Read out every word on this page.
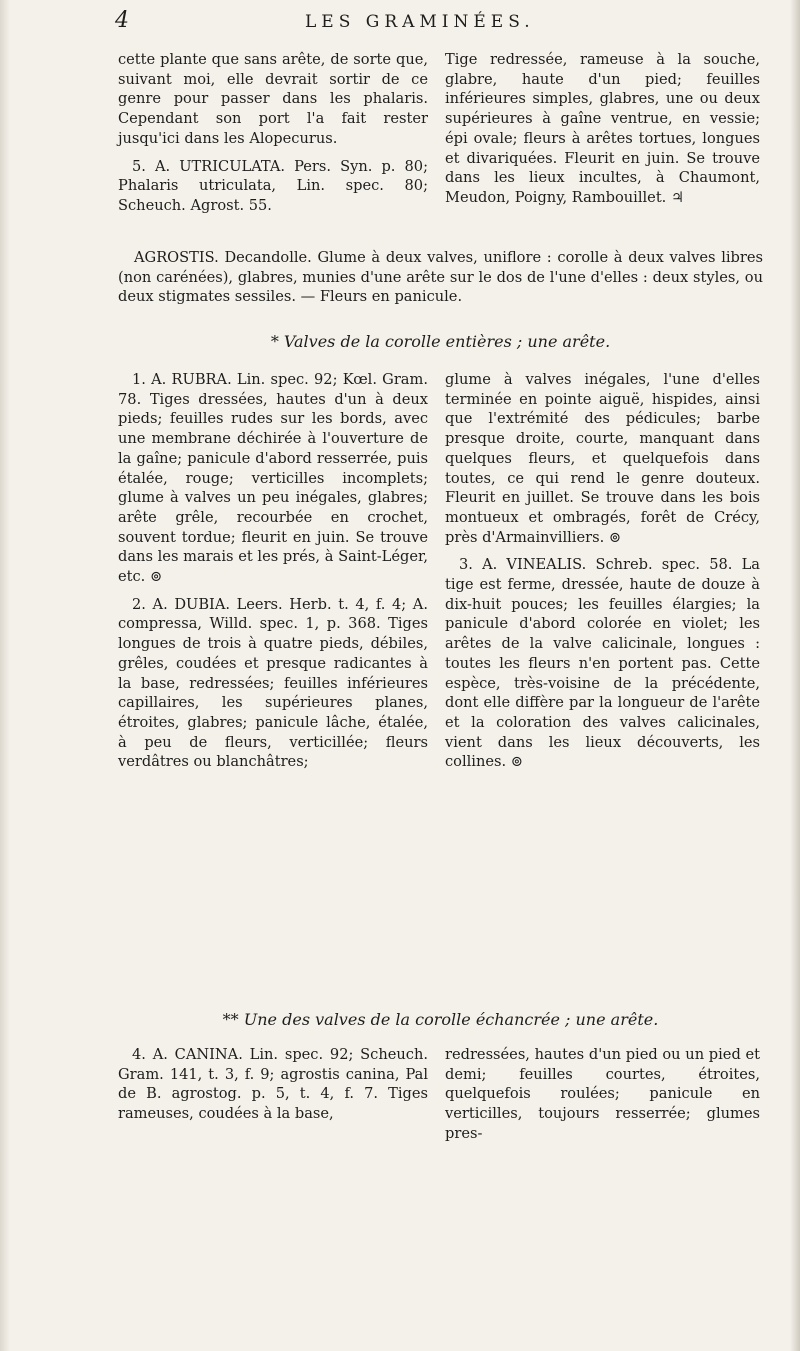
4	LES GRAMINÉES.

cette plante que sans arête, de sorte que, suivant moi, elle devrait sortir de ce genre pour passer dans les phalaris. Cependant son port l'a fait rester jusqu'ici dans les Alopecurus.

5. A. UTRICULATA. Pers. Syn. p. 80; Phalaris utriculata, Lin. spec. 80; Scheuch. Agrost. 55.

Tige redressée, rameuse à la souche, glabre, haute d'un pied; feuilles inférieures simples, glabres, une ou deux supérieures à gaîne ventrue, en vessie; épi ovale; fleurs à arêtes tortues, longues et divariquées. Fleurit en juin. Se trouve dans les lieux incultes, à Chaumont, Meudon, Poigny, Rambouillet. ♃

AGROSTIS. Decandolle. Glume à deux valves, uniflore : corolle à deux valves libres (non carénées), glabres, munies d'une arête sur le dos de l'une d'elles : deux styles, ou deux stigmates sessiles. — Fleurs en panicule.
* Valves de la corolle entières ; une arête.

1. A. RUBRA. Lin. spec. 92; Kœl. Gram. 78. Tiges dressées, hautes d'un à deux pieds; feuilles rudes sur les bords, avec une membrane déchirée à l'ouverture de la gaîne; panicule d'abord resserrée, puis étalée, rouge; verticilles incomplets; glume à valves un peu inégales, glabres; arête grêle, recourbée en crochet, souvent tordue; fleurit en juin. Se trouve dans les marais et les prés, à Saint-Léger, etc. ⊚

2. A. DUBIA. Leers. Herb. t. 4, f. 4; A. compressa, Willd. spec. 1, p. 368. Tiges longues de trois à quatre pieds, débiles, grêles, coudées et presque radicantes à la base, redressées; feuilles inférieures capillaires, les supérieures planes, étroites, glabres; panicule lâche, étalée, à peu de fleurs, verticillée; fleurs verdâtres ou blanchâtres;

glume à valves inégales, l'une d'elles terminée en pointe aiguë, hispides, ainsi que l'extrémité des pédicules; barbe presque droite, courte, manquant dans quelques fleurs, et quelquefois dans toutes, ce qui rend le genre douteux. Fleurit en juillet. Se trouve dans les bois montueux et ombragés, forêt de Crécy, près d'Armainvilliers. ⊚

3. A. VINEALIS. Schreb. spec. 58. La tige est ferme, dressée, haute de douze à dix-huit pouces; les feuilles élargies; la panicule d'abord colorée en violet; les arêtes de la valve calicinale, longues : toutes les fleurs n'en portent pas. Cette espèce, très-voisine de la précédente, dont elle diffère par la longueur de l'arête et la coloration des valves calicinales, vient dans les lieux découverts, les collines. ⊚

** Une des valves de la corolle échancrée ; une arête.

4. A. CANINA. Lin. spec. 92; Scheuch. Gram. 141, t. 3, f. 9; agrostis canina, Pal de B. agrostog. p. 5, t. 4, f. 7. Tiges rameuses, coudées à la base,

redressées, hautes d'un pied ou un pied et demi; feuilles courtes, étroites, quelquefois roulées; panicule en verticilles, toujours resserrée; glumes pres-
